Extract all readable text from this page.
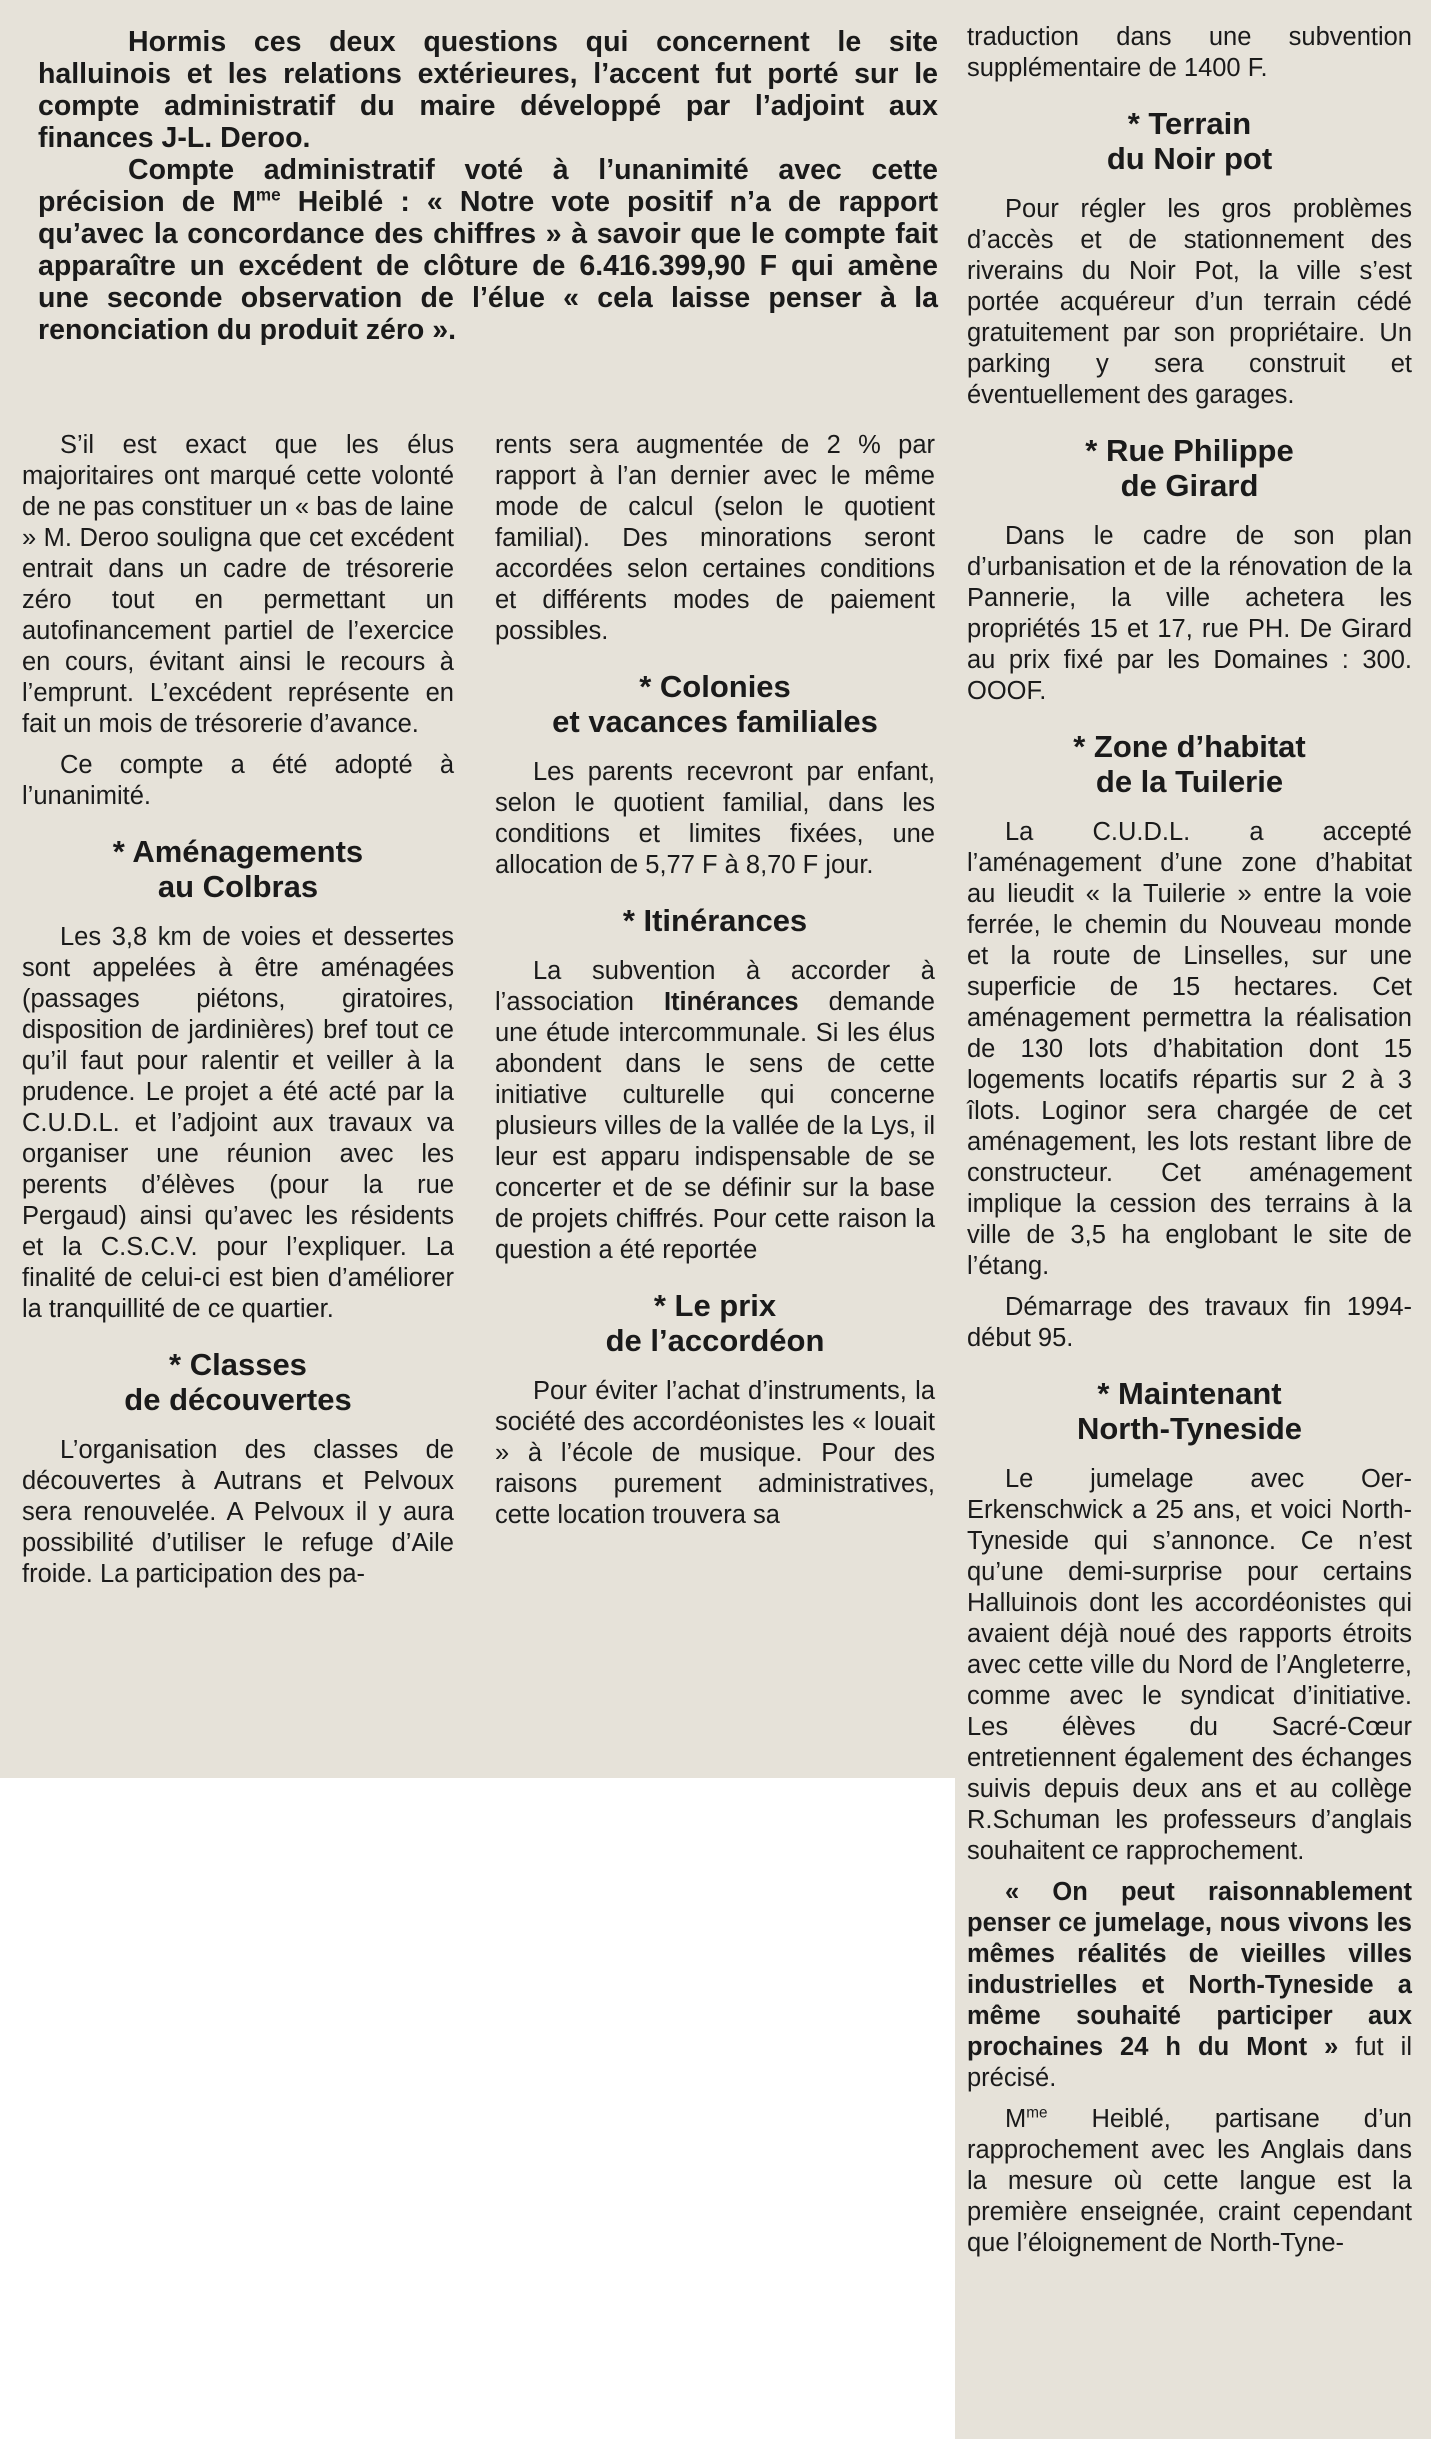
Hormis ces deux questions qui concernent le site halluinois et les relations extérieures, l’accent fut porté sur le compte administratif du maire développé par l’adjoint aux finances J-L. Deroo.

Compte administratif voté à l’unanimité avec cette précision de $M^{me}$ Heiblé : « Notre vote positif n’a de rapport qu’avec la concordance des chiffres » à savoir que le compte fait apparaître un excédent de clôture de 6.416.399,90 F qui amène une seconde observation de l’élue « cela laisse penser à la renonciation du produit zéro ».

S’il est exact que les élus majoritaires ont marqué cette volonté de ne pas constituer un « bas de laine » M. Deroo souligna que cet excédent entrait dans un cadre de trésorerie zéro tout en permettant un autofinancement partiel de l’exercice en cours, évitant ainsi le recours à l’emprunt. L’excédent représente en fait un mois de trésorerie d’avance.

Ce compte a été adopté à l’unanimité.

* Aménagements
au Colbras

Les 3,8 km de voies et dessertes sont appelées à être aménagées (passages piétons, giratoires, disposition de jardinières) bref tout ce qu’il faut pour ralentir et veiller à la prudence. Le projet a été acté par la C.U.D.L. et l’adjoint aux travaux va organiser une réunion avec les perents d’élèves (pour la rue Pergaud) ainsi qu’avec les résidents et la C.S.C.V. pour l’expliquer. La finalité de celui-ci est bien d’améliorer la tranquillité de ce quartier.

* Classes
de découvertes

L’organisation des classes de découvertes à Autrans et Pelvoux sera renouvelée. A Pelvoux il y aura possibilité d’utiliser le refuge d’Aile froide. La participation des pa-

rents sera augmentée de 2 % par rapport à l’an dernier avec le même mode de calcul (selon le quotient familial). Des minorations seront accordées selon certaines conditions et différents modes de paiement possibles.

* Colonies
et vacances familiales

Les parents recevront par enfant, selon le quotient familial, dans les conditions et limites fixées, une allocation de 5,77 F à 8,70 F jour.

* Itinérances

La subvention à accorder à l’association Itinérances demande une étude intercommunale. Si les élus abondent dans le sens de cette initiative culturelle qui concerne plusieurs villes de la vallée de la Lys, il leur est apparu indispensable de se concerter et de se définir sur la base de projets chiffrés. Pour cette raison la question a été reportée

* Le prix
de l’accordéon

Pour éviter l’achat d’instruments, la société des accordéonistes les « louait » à l’école de musique. Pour des raisons purement administratives, cette location trouvera sa

traduction dans une subvention supplémentaire de 1400 F.

* Terrain
du Noir pot

Pour régler les gros problèmes d’accès et de stationnement des riverains du Noir Pot, la ville s’est portée acquéreur d’un terrain cédé gratuitement par son propriétaire. Un parking y sera construit et éventuellement des garages.

* Rue Philippe
de Girard

Dans le cadre de son plan d’urbanisation et de la rénovation de la Pannerie, la ville achetera les propriétés 15 et 17, rue PH. De Girard au prix fixé par les Domaines : 300. OOOF.

* Zone d’habitat
de la Tuilerie

La C.U.D.L. a accepté l’aménagement d’une zone d’habitat au lieudit « la Tuilerie » entre la voie ferrée, le chemin du Nouveau monde et la route de Linselles, sur une superficie de 15 hectares. Cet aménagement permettra la réalisation de 130 lots d’habitation dont 15 logements locatifs répartis sur 2 à 3 îlots. Loginor sera chargée de cet aménagement, les lots restant libre de constructeur. Cet aménagement implique la cession des terrains à la ville de 3,5 ha englobant le site de l’étang.

Démarrage des travaux fin 1994-début 95.

* Maintenant
North-Tyneside

Le jumelage avec Oer-Erkenschwick a 25 ans, et voici North-Tyneside qui s’annonce. Ce n’est qu’une demi-surprise pour certains Halluinois dont les accordéonistes qui avaient déjà noué des rapports étroits avec cette ville du Nord de l’Angleterre, comme avec le syndicat d’initiative. Les élèves du Sacré-Cœur entretiennent également des échanges suivis depuis deux ans et au collège R.Schuman les professeurs d’anglais souhaitent ce rapprochement.

« On peut raisonnablement penser ce jumelage, nous vivons les mêmes réalités de vieilles villes industrielles et North-Tyneside a même souhaité participer aux prochaines 24 h du Mont » fut il précisé.

$M^{me}$ Heiblé, partisane d’un rapprochement avec les Anglais dans la mesure où cette langue est la première enseignée, craint cependant que l’éloignement de North-Tyne-
